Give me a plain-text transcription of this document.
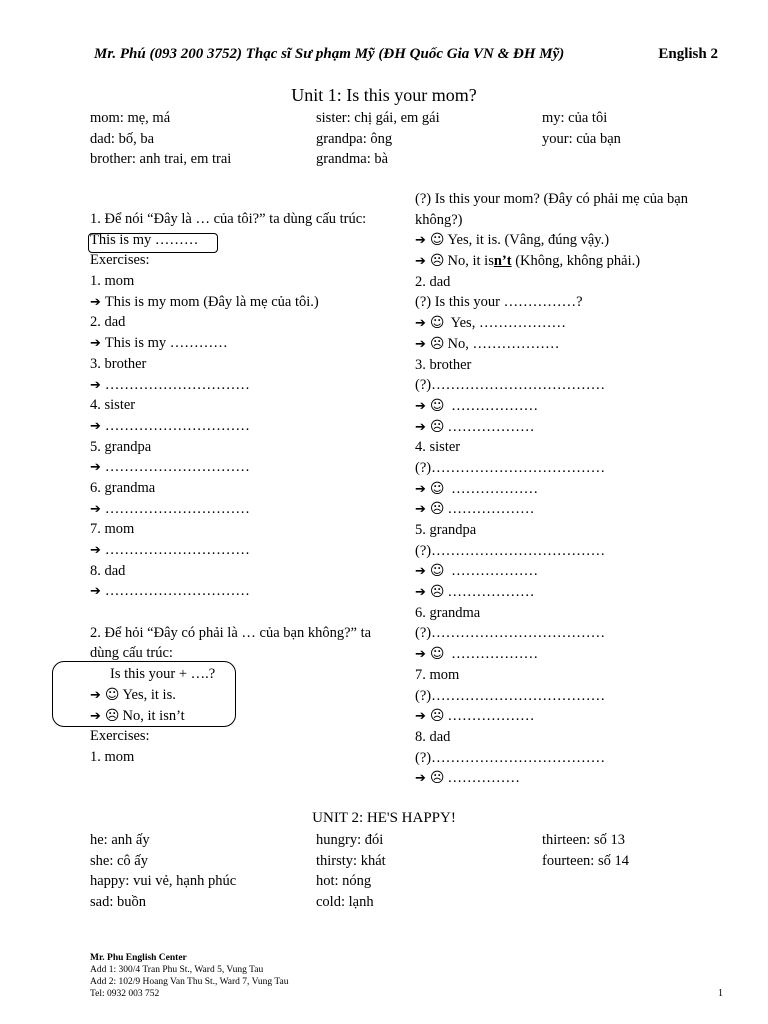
Mr. Phú (093 200 3752) Thạc sĩ Sư phạm Mỹ (ĐH Quốc Gia VN & ĐH Mỹ)	English 2
Unit 1: Is this your mom?
mom: mẹ, má
dad: bố, ba
brother: anh trai, em trai
sister: chị gái, em gái
grandpa: ông
grandma: bà
my: của tôi
your: của bạn
1. Để nói “Đây là … của tôi?” ta dùng cấu trúc:
This is my ………
Exercises:
1. mom
➔ This is my mom (Đây là mẹ của tôi.)
2. dad
➔ This is my …………
3. brother
➔ …………………………
4. sister
➔ …………………………
5. grandpa
➔ …………………………
6. grandma
➔ …………………………
7. mom
➔ …………………………
8. dad
➔ …………………………
2. Để hỏi “Đây có phải là … của bạn không?” ta dùng cấu trúc:
Is this your + ….?
➔ ☺ Yes, it is.
➔ ☹ No, it isn’t
Exercises:
1. mom
(?) Is this your mom? (Đây có phải mẹ của bạn không?)
➔ ☺ Yes, it is. (Vâng, đúng vậy.)
➔ ☹ No, it isn’t (Không, không phải.)
2. dad
(?) Is this your ……………?
➔ ☺ Yes, ………………
➔ ☹ No, ………………
3. brother
(?)………………………………
➔ ☺ ………………
➔ ☹ ………………
4. sister
(?)………………………………
➔ ☺ ………………
➔ ☹ ………………
5. grandpa
(?)………………………………
➔ ☺ ………………
➔ ☹ ………………
6. grandma
(?)………………………………
➔ ☺ ………………
7. mom
(?)………………………………
➔ ☹ ………………
8. dad
(?)………………………………
➔ ☹ ……………
UNIT 2: HE'S HAPPY!
he: anh ấy
she: cô ấy
happy: vui vẻ, hạnh phúc
sad: buồn
hungry: đói
thirsty: khát
hot: nóng
cold: lạnh
thirteen: số 13
fourteen: số 14
Mr. Phu English Center
Add 1: 300/4 Tran Phu St., Ward 5, Vung Tau
Add 2: 102/9 Hoang Van Thu St., Ward 7, Vung Tau
Tel: 0932 003 752	1
